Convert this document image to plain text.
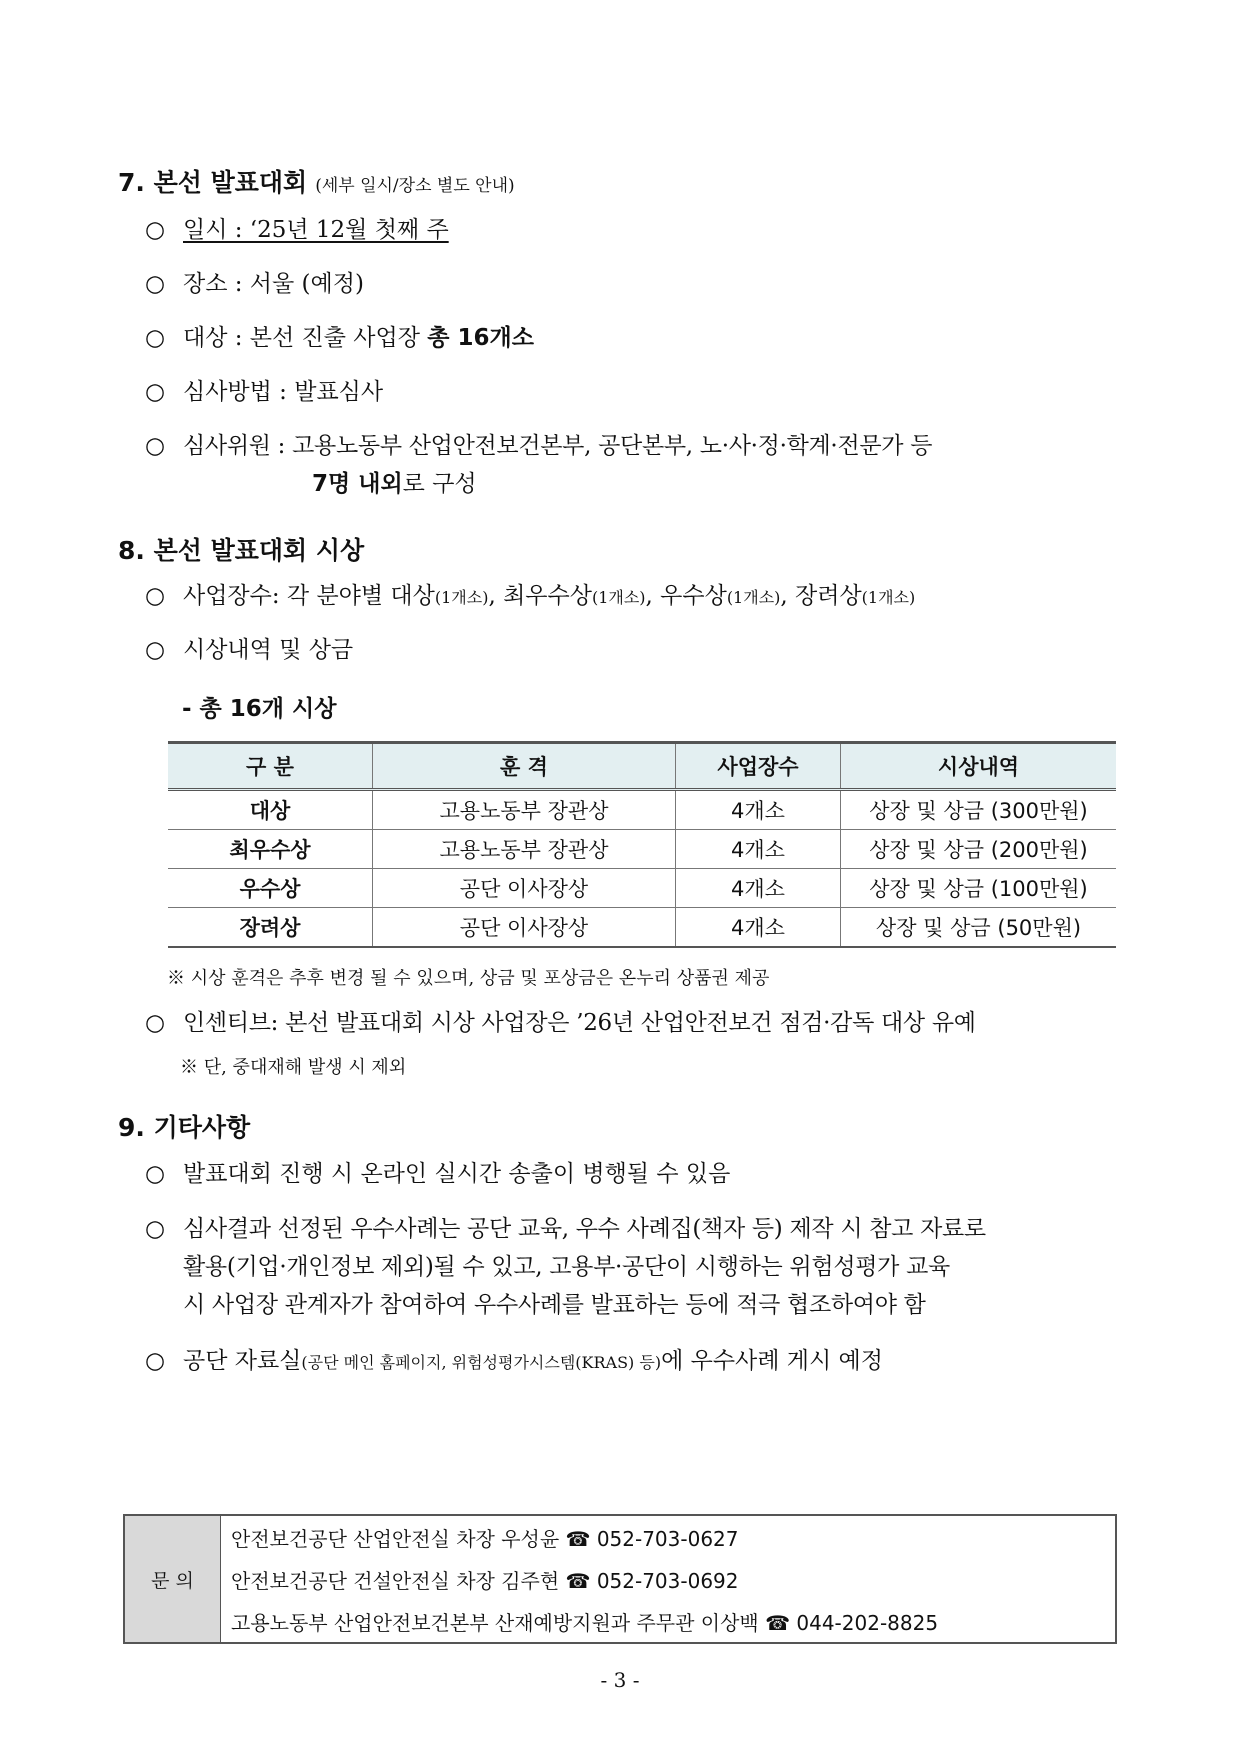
7. 본선 발표대회 (세부 일시/장소 별도 안내)
○ 일시 : ‘25년 12월 첫째 주
○ 장소 : 서울 (예정)
○ 대상 : 본선 진출 사업장 총 16개소
○ 심사방법 : 발표심사
○ 심사위원 : 고용노동부 산업안전보건본부, 공단본부, 노·사·정·학계·전문가 등
7명 내외로 구성
8. 본선 발표대회 시상
○ 사업장수: 각 분야별 대상(1개소), 최우수상(1개소), 우수상(1개소), 장려상(1개소)
○ 시상내역 및 상금
- 총 16개 시상
구 분	훈 격	사업장수	시상내역
대상	고용노동부 장관상	4개소	상장 및 상금 (300만원)
최우수상	고용노동부 장관상	4개소	상장 및 상금 (200만원)
우수상	공단 이사장상	4개소	상장 및 상금 (100만원)
장려상	공단 이사장상	4개소	상장 및 상금 (50만원)
※ 시상 훈격은 추후 변경 될 수 있으며, 상금 및 포상금은 온누리 상품권 제공
○ 인센티브: 본선 발표대회 시상 사업장은 ’26년 산업안전보건 점검·감독 대상 유예
※ 단, 중대재해 발생 시 제외
9. 기타사항
○ 발표대회 진행 시 온라인 실시간 송출이 병행될 수 있음
○ 심사결과 선정된 우수사례는 공단 교육, 우수 사례집(책자 등) 제작 시 참고 자료로
활용(기업·개인정보 제외)될 수 있고, 고용부·공단이 시행하는 위험성평가 교육
시 사업장 관계자가 참여하여 우수사례를 발표하는 등에 적극 협조하여야 함
○ 공단 자료실(공단 메인 홈페이지, 위험성평가시스템(KRAS) 등)에 우수사례 게시 예정
문 의	안전보건공단 산업안전실 차장 우성윤 ☎ 052-703-0627
안전보건공단 건설안전실 차장 김주현 ☎ 052-703-0692
고용노동부 산업안전보건본부 산재예방지원과 주무관 이상백 ☎ 044-202-8825
- 3 -
